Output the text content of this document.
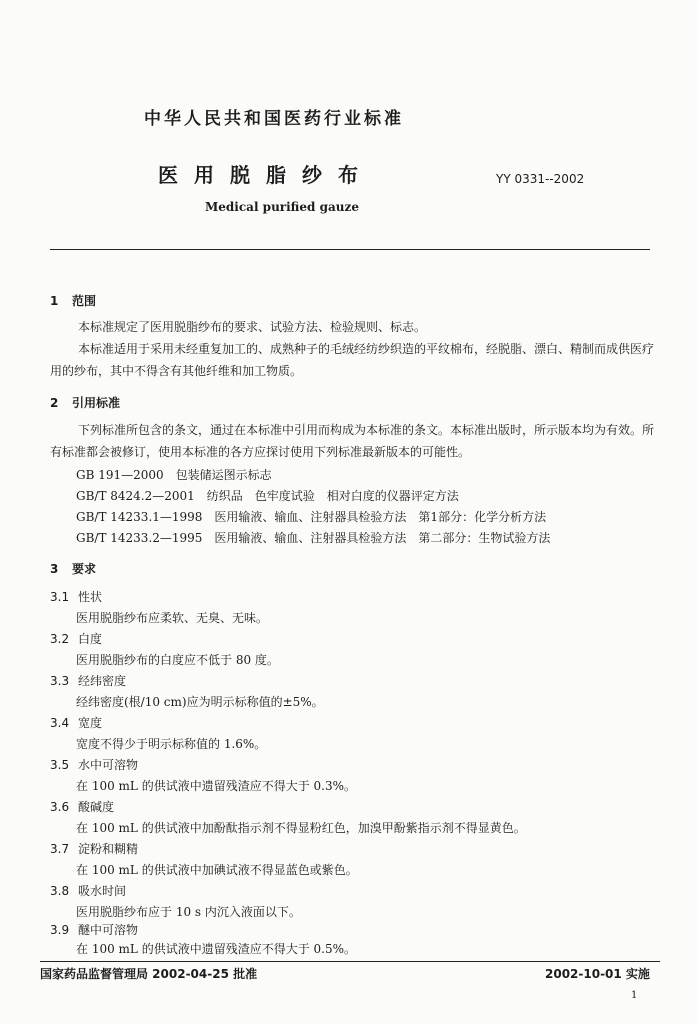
中华人民共和国医药行业标准
医用脱脂纱布	YY 0331--2002
Medical purified gauze
1 范围
本标准规定了医用脱脂纱布的要求、试验方法、检验规则、标志。
本标准适用于采用未经重复加工的、成熟种子的毛绒经纺纱织造的平纹棉布，经脱脂、漂白、精制而成供医疗用的纱布，其中不得含有其他纤维和加工物质。
2 引用标准
下列标准所包含的条文，通过在本标准中引用而构成为本标准的条文。本标准出版时，所示版本均为有效。所有标准都会被修订，使用本标准的各方应探讨使用下列标准最新版本的可能性。
GB 191—2000　包装储运图示标志
GB/T 8424.2—2001　纺织品　色牢度试验　相对白度的仪器评定方法
GB/T 14233.1—1998　医用输液、输血、注射器具检验方法　第1部分：化学分析方法
GB/T 14233.2—1995　医用输液、输血、注射器具检验方法　第二部分：生物试验方法
3 要求
3.1 性状
医用脱脂纱布应柔软、无臭、无味。
3.2 白度
医用脱脂纱布的白度应不低于 80 度。
3.3 经纬密度
经纬密度(根/10 cm)应为明示标称值的±5%。
3.4 宽度
宽度不得少于明示标称值的 1.6%。
3.5 水中可溶物
在 100 mL 的供试液中遗留残渣应不得大于 0.3%。
3.6 酸碱度
在 100 mL 的供试液中加酚酞指示剂不得显粉红色，加溴甲酚紫指示剂不得显黄色。
3.7 淀粉和糊精
在 100 mL 的供试液中加碘试液不得显蓝色或紫色。
3.8 吸水时间
医用脱脂纱布应于 10 s 内沉入液面以下。
3.9 醚中可溶物
在 100 mL 的供试液中遗留残渣应不得大于 0.5%。
国家药品监督管理局 2002-04-25 批准	2002-10-01 实施
1
